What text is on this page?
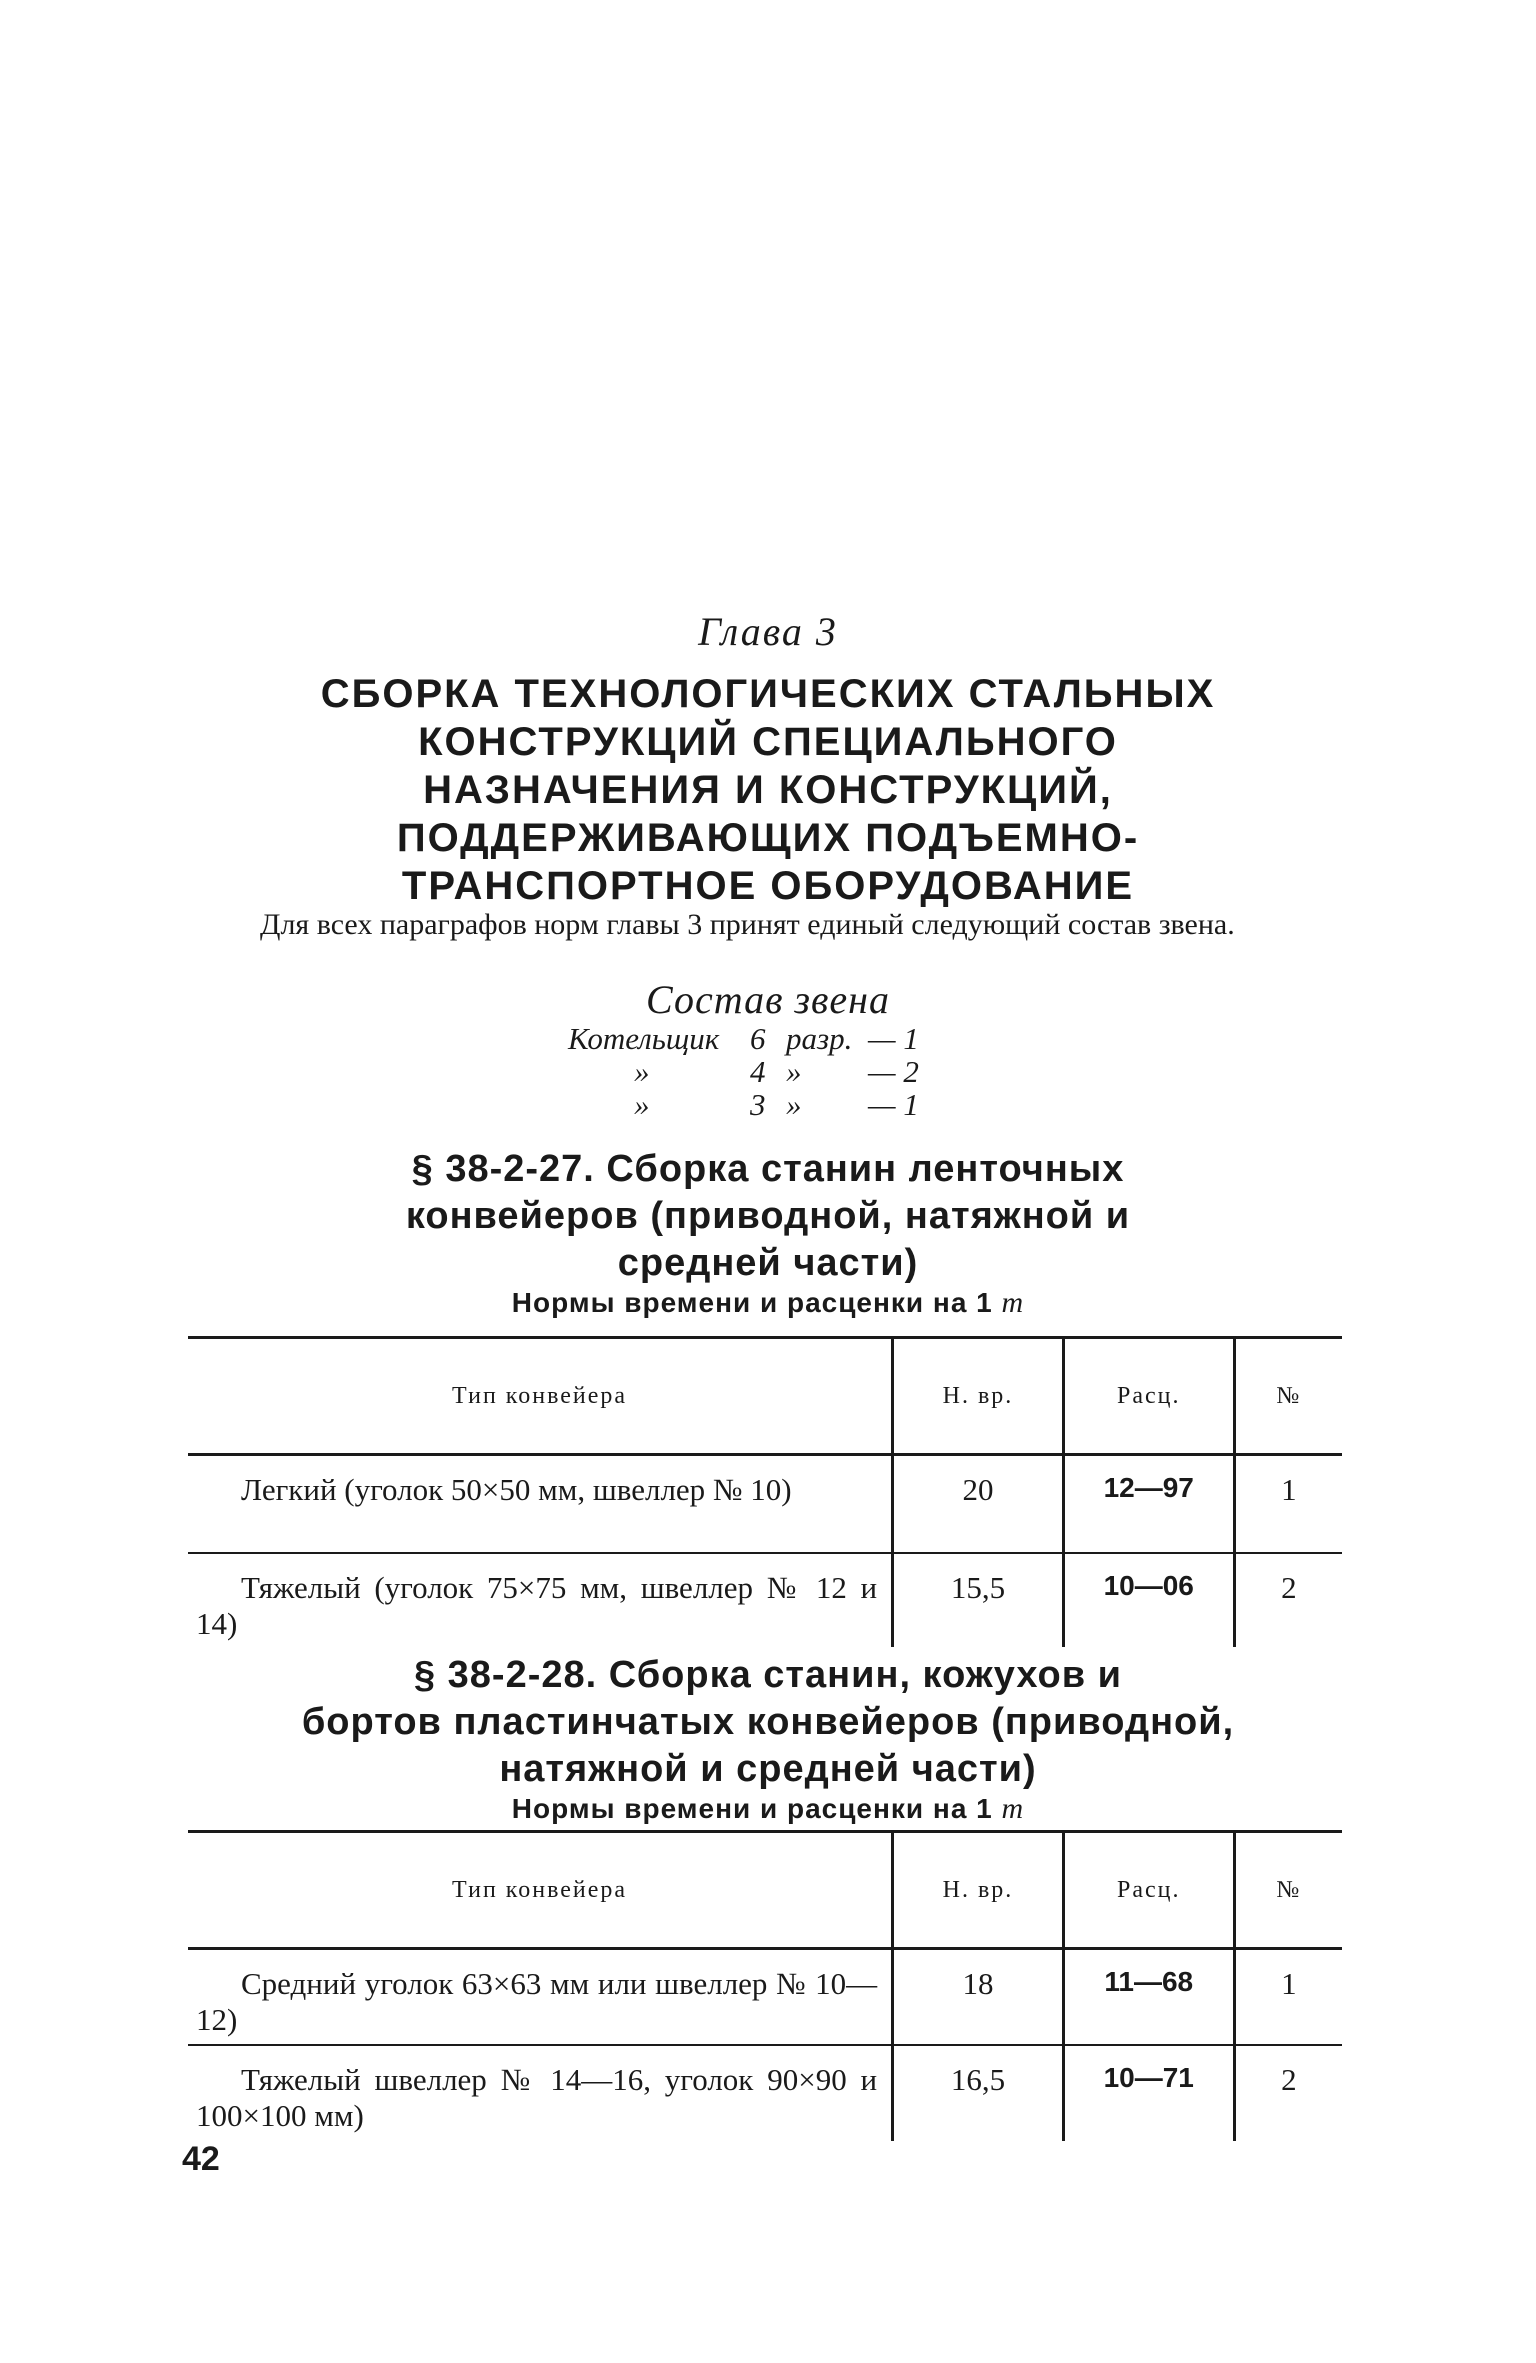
Глава 3
СБОРКА ТЕХНОЛОГИЧЕСКИХ СТАЛЬНЫХ
КОНСТРУКЦИЙ СПЕЦИАЛЬНОГО
НАЗНАЧЕНИЯ И КОНСТРУКЦИЙ,
ПОДДЕРЖИВАЮЩИХ ПОДЪЕМНО-
ТРАНСПОРТНОЕ ОБОРУДОВАНИЕ
Для всех параграфов норм главы 3 принят единый следующий состав звена.
Состав звена
Котельщик 6 разр. — 1
»	4 » — 2
»	3 » — 1
§ 38-2-27. Сборка станин ленточных
конвейеров (приводной, натяжной и
средней части)
Нормы времени и расценки на 1 т
Тип конвейера	Н. вр.	Расц.	№
Легкий (уголок 50×50 мм, швеллер № 10)	20	12—97	1
Тяжелый (уголок 75×75 мм, швеллер № 12 и 14)	15,5	10—06	2
§ 38-2-28. Сборка станин, кожухов и
бортов пластинчатых конвейеров (приводной,
натяжной и средней части)
Нормы времени и расценки на 1 т
Тип конвейера	Н. вр.	Расц.	№
Средний уголок 63×63 мм или швеллер № 10—12)	18	11—68	1
Тяжелый швеллер № 14—16, уголок 90×90 и 100×100 мм)	16,5	10—71	2
42
